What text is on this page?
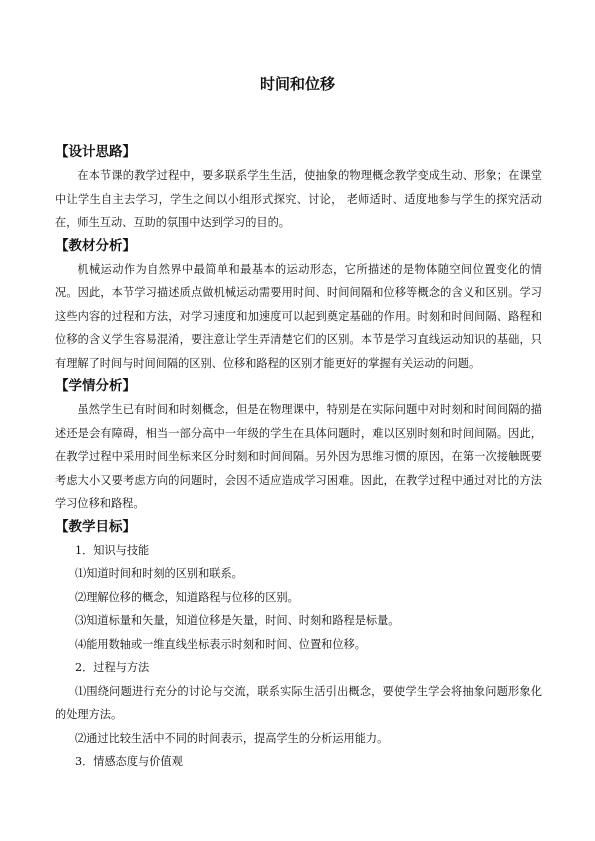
时间和位移
【设计思路】

在本节课的教学过程中，要多联系学生生活，使抽象的物理概念教学变成生动、形象；在课堂中让学生自主去学习，学生之间以小组形式探究、讨论， 老师适时、适度地参与学生的探究活动在，师生互动、互助的氛围中达到学习的目的。

【教材分析】

机械运动作为自然界中最简单和最基本的运动形态，它所描述的是物体随空间位置变化的情况。因此，本节学习描述质点做机械运动需要用时间、时间间隔和位移等概念的含义和区别。学习这些内容的过程和方法，对学习速度和加速度可以起到奠定基础的作用。时刻和时间间隔、路程和位移的含义学生容易混淆，要注意让学生弄清楚它们的区别。本节是学习直线运动知识的基础，只有理解了时间与时间间隔的区别、位移和路程的区别才能更好的掌握有关运动的问题。

【学情分析】

虽然学生已有时间和时刻概念，但是在物理课中，特别是在实际问题中对时刻和时间间隔的描述还是会有障碍，相当一部分高中一年级的学生在具体问题时，难以区别时刻和时间间隔。因此，在教学过程中采用时间坐标来区分时刻和时间间隔。另外因为思维习惯的原因，在第一次接触既要考虑大小又要考虑方向的问题时，会因不适应造成学习困难。因此，在教学过程中通过对比的方法学习位移和路程。

【教学目标】

1．知识与技能

⑴知道时间和时刻的区别和联系。

⑵理解位移的概念，知道路程与位移的区别。

⑶知道标量和矢量，知道位移是矢量，时间、时刻和路程是标量。

⑷能用数轴或一维直线坐标表示时刻和时间、位置和位移。

2．过程与方法

⑴围绕问题进行充分的讨论与交流，联系实际生活引出概念，要使学生学会将抽象问题形象化的处理方法。

⑵通过比较生活中不同的时间表示，提高学生的分析运用能力。

3．情感态度与价值观
